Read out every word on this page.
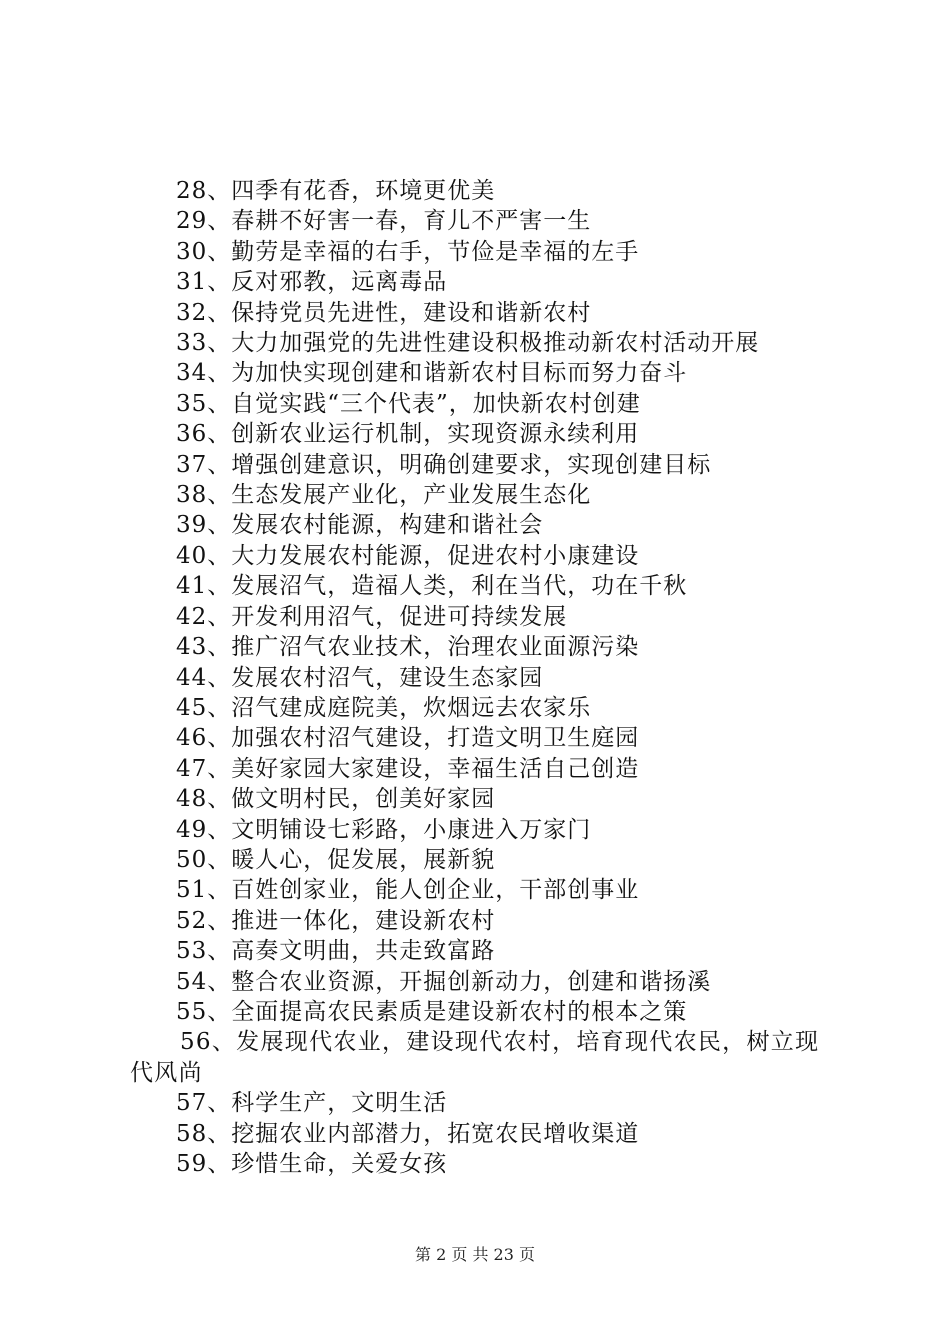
28、四季有花香，环境更优美
29、春耕不好害一春，育儿不严害一生
30、勤劳是幸福的右手，节俭是幸福的左手
31、反对邪教，远离毒品
32、保持党员先进性，建设和谐新农村
33、大力加强党的先进性建设积极推动新农村活动开展
34、为加快实现创建和谐新农村目标而努力奋斗
35、自觉实践“三个代表”，加快新农村创建
36、创新农业运行机制，实现资源永续利用
37、增强创建意识，明确创建要求，实现创建目标
38、生态发展产业化，产业发展生态化
39、发展农村能源，构建和谐社会
40、大力发展农村能源，促进农村小康建设
41、发展沼气，造福人类，利在当代，功在千秋
42、开发利用沼气，促进可持续发展
43、推广沼气农业技术，治理农业面源污染
44、发展农村沼气，建设生态家园
45、沼气建成庭院美，炊烟远去农家乐
46、加强农村沼气建设，打造文明卫生庭园
47、美好家园大家建设，幸福生活自己创造
48、做文明村民，创美好家园
49、文明铺设七彩路，小康进入万家门
50、暖人心，促发展，展新貌
51、百姓创家业，能人创企业，干部创事业
52、推进一体化，建设新农村
53、高奏文明曲，共走致富路
54、整合农业资源，开掘创新动力，创建和谐扬溪
55、全面提高农民素质是建设新农村的根本之策
56、发展现代农业，建设现代农村，培育现代农民，树立现代风尚
57、科学生产，文明生活
58、挖掘农业内部潜力，拓宽农民增收渠道
59、珍惜生命，关爱女孩
第 2 页 共 23 页
